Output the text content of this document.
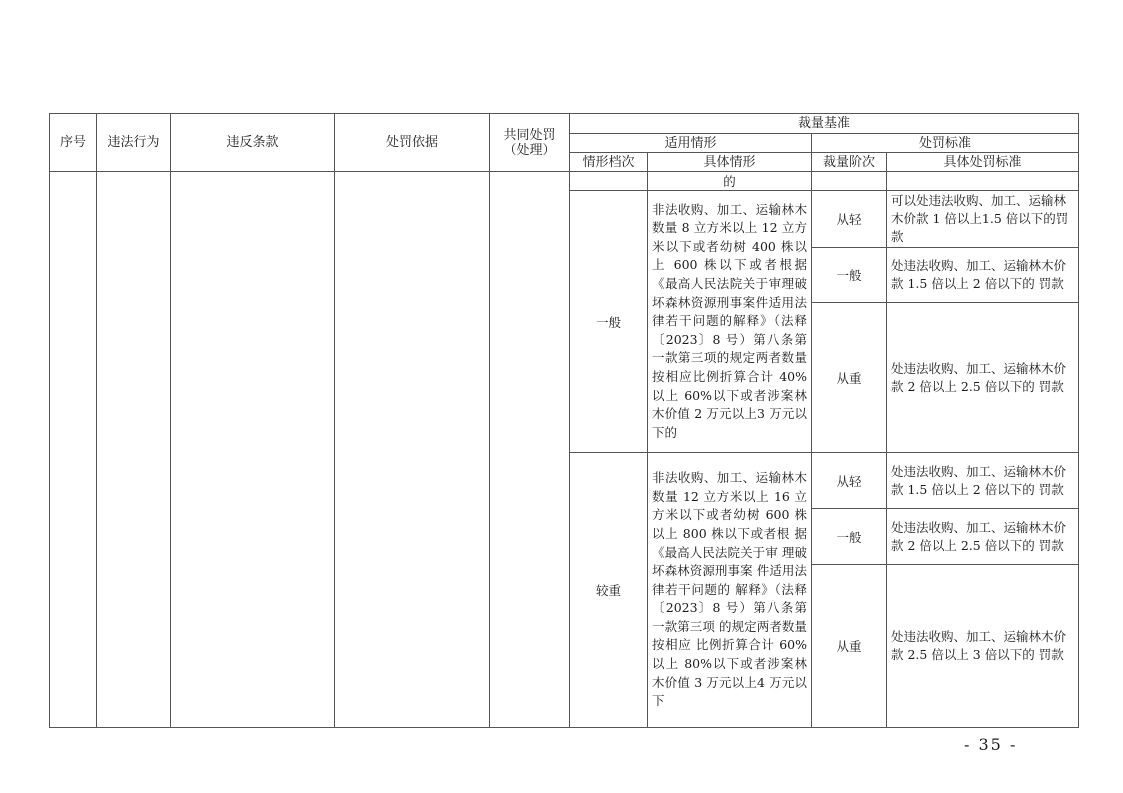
序号	违法行为	违反条款	处罚依据	共同处罚（处理）	裁量基准			
					适用情形		处罚标准	
					情形档次	具体情形	裁量阶次	具体处罚标准
						的		
					一般	非法收购、加工、运输林木数量 8 立方米以上 12 立方米以下或者幼树 400 株以上 600 株以下或者根据《最高人民法院关于审理破坏森林资源刑事案件适用法律若干问题的解释》（法释〔2023〕8 号）第八条第一款第三项的规定两者数量按相应比例折算合计 40%以上 60%以下或者涉案林木价值 2 万元以上3 万元以下的	从轻	可以处违法收购、加工、运输林木价款 1 倍以上1.5 倍以下的罚款
							一般	处违法收购、加工、运输林木价款 1.5 倍以上 2 倍以下的 罚款
							从重	处违法收购、加工、运输林木价款 2 倍以上 2.5 倍以下的 罚款
					较重	非法收购、加工、运输林木数量 12 立方米以上 16 立方米以下或者幼树 600 株以上 800 株以下或者根 据《最高人民法院关于审 理破坏森林资源刑事案 件适用法律若干问题的 解释》（法释〔2023〕8 号）第八条第一款第三项 的规定两者数量按相应 比例折算合计 60% 以上 80%以下或者涉案林木价值 3 万元以上4 万元以下	从轻	处违法收购、加工、运输林木价款 1.5 倍以上 2 倍以下的 罚款
							一般	处违法收购、加工、运输林木价款 2 倍以上 2.5 倍以下的 罚款
							从重	处违法收购、加工、运输林木价款 2.5 倍以上 3 倍以下的 罚款
- 35 -
